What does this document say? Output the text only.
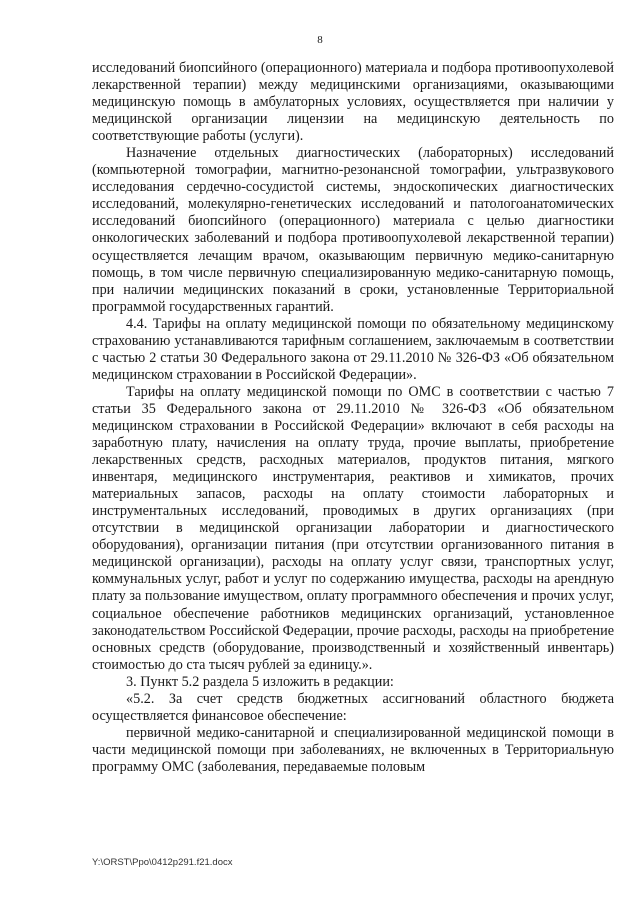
8

исследований биопсийного (операционного) материала и подбора противоопухолевой лекарственной терапии) между медицинскими организациями, оказывающими медицинскую помощь в амбулаторных условиях, осуществляется при наличии у медицинской организации лицензии на медицинскую деятельность по соответствующие работы (услуги).

Назначение отдельных диагностических (лабораторных) исследований (компьютерной томографии, магнитно-резонансной томографии, ультразвукового исследования сердечно-сосудистой системы, эндоскопических диагностических исследований, молекулярно-генетических исследований и патологоанатомических исследований биопсийного (операционного) материала с целью диагностики онкологических заболеваний и подбора противоопухолевой лекарственной терапии) осуществляется лечащим врачом, оказывающим первичную медико-санитарную помощь, в том числе первичную специализированную медико-санитарную помощь, при наличии медицинских показаний в сроки, установленные Территориальной программой государственных гарантий.

4.4. Тарифы на оплату медицинской помощи по обязательному медицинскому страхованию устанавливаются тарифным соглашением, заключаемым в соответствии с частью 2 статьи 30 Федерального закона от 29.11.2010 № 326-ФЗ «Об обязательном медицинском страховании в Российской Федерации».

Тарифы на оплату медицинской помощи по ОМС в соответствии с частью 7 статьи 35 Федерального закона от 29.11.2010 № 326-ФЗ «Об обязательном медицинском страховании в Российской Федерации» включают в себя расходы на заработную плату, начисления на оплату труда, прочие выплаты, приобретение лекарственных средств, расходных материалов, продуктов питания, мягкого инвентаря, медицинского инструментария, реактивов и химикатов, прочих материальных запасов, расходы на оплату стоимости лабораторных и инструментальных исследований, проводимых в других организациях (при отсутствии в медицинской организации лаборатории и диагностического оборудования), организации питания (при отсутствии организованного питания в медицинской организации), расходы на оплату услуг связи, транспортных услуг, коммунальных услуг, работ и услуг по содержанию имущества, расходы на арендную плату за пользование имуществом, оплату программного обеспечения и прочих услуг, социальное обеспечение работников медицинских организаций, установленное законодательством Российской Федерации, прочие расходы, расходы на приобретение основных средств (оборудование, производственный и хозяйственный инвентарь) стоимостью до ста тысяч рублей за единицу.».

3. Пункт 5.2 раздела 5 изложить в редакции:

«5.2. За счет средств бюджетных ассигнований областного бюджета осуществляется финансовое обеспечение:

первичной медико-санитарной и специализированной медицинской помощи в части медицинской помощи при заболеваниях, не включенных в Территориальную программу ОМС (заболевания, передаваемые половым

Y:\ORST\Ppo\0412p291.f21.docx
